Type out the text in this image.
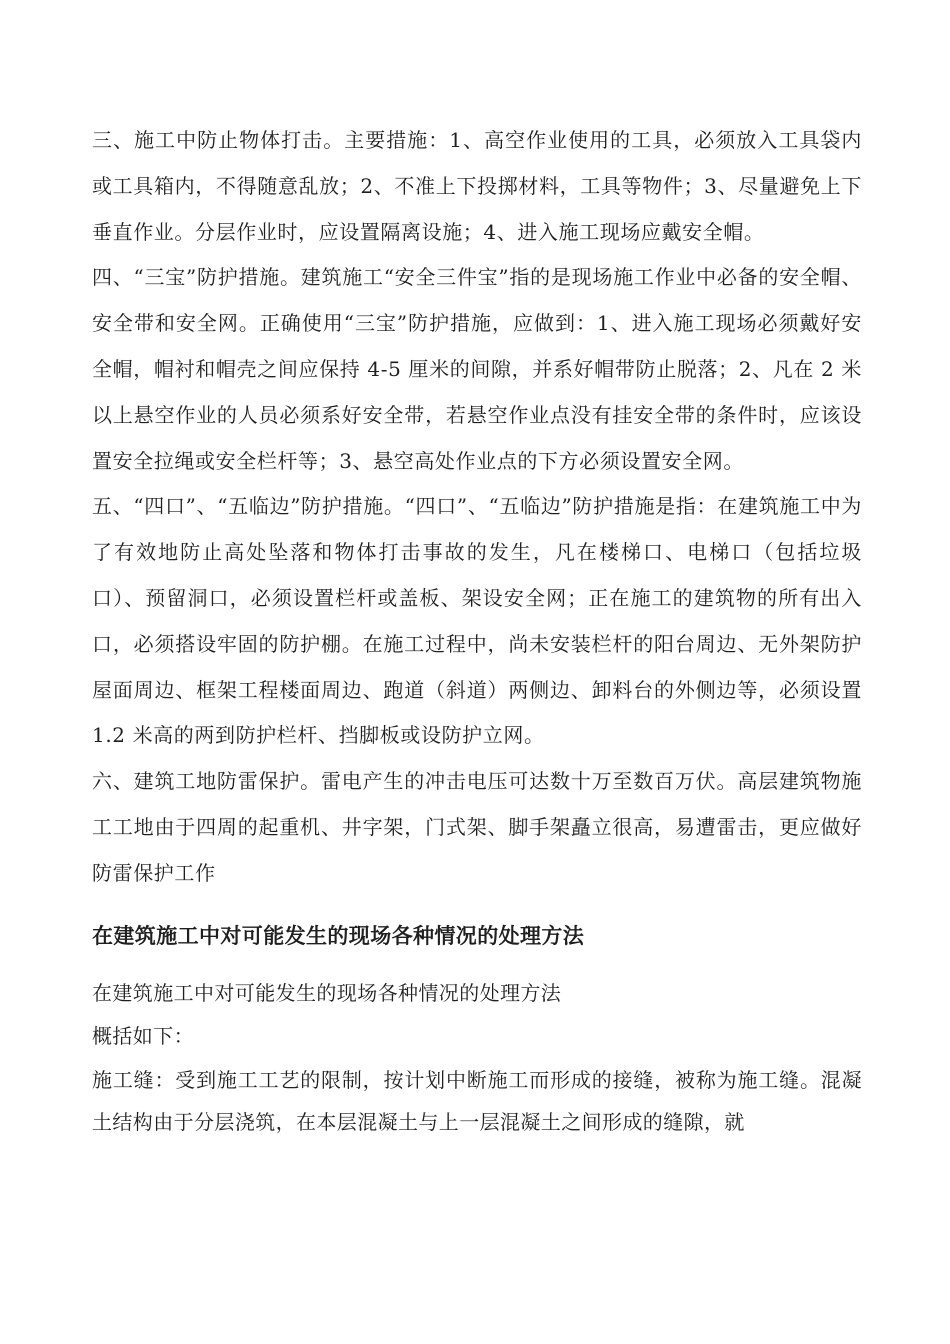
三、施工中防止物体打击。主要措施：1、高空作业使用的工具，必须放入工具袋内或工具箱内，不得随意乱放；2、不准上下投掷材料，工具等物件；3、尽量避免上下垂直作业。分层作业时，应设置隔离设施；4、进入施工现场应戴安全帽。

四、“三宝”防护措施。建筑施工“安全三件宝”指的是现场施工作业中必备的安全帽、安全带和安全网。正确使用“三宝”防护措施，应做到：1、进入施工现场必须戴好安全帽，帽衬和帽壳之间应保持 4-5 厘米的间隙，并系好帽带防止脱落；2、凡在 2 米以上悬空作业的人员必须系好安全带，若悬空作业点没有挂安全带的条件时，应该设置安全拉绳或安全栏杆等；3、悬空高处作业点的下方必须设置安全网。

五、“四口”、“五临边”防护措施。“四口”、“五临边”防护措施是指：在建筑施工中为了有效地防止高处坠落和物体打击事故的发生，凡在楼梯口、电梯口（包括垃圾口）、预留洞口，必须设置栏杆或盖板、架设安全网；正在施工的建筑物的所有出入口，必须搭设牢固的防护棚。在施工过程中，尚未安装栏杆的阳台周边、无外架防护屋面周边、框架工程楼面周边、跑道（斜道）两侧边、卸料台的外侧边等，必须设置 1.2 米高的两到防护栏杆、挡脚板或设防护立网。

六、建筑工地防雷保护。雷电产生的冲击电压可达数十万至数百万伏。高层建筑物施工工地由于四周的起重机、井字架，门式架、脚手架矗立很高，易遭雷击，更应做好防雷保护工作

在建筑施工中对可能发生的现场各种情况的处理方法

在建筑施工中对可能发生的现场各种情况的处理方法

概括如下：

施工缝：受到施工工艺的限制，按计划中断施工而形成的接缝，被称为施工缝。混凝土结构由于分层浇筑，在本层混凝土与上一层混凝土之间形成的缝隙，就
